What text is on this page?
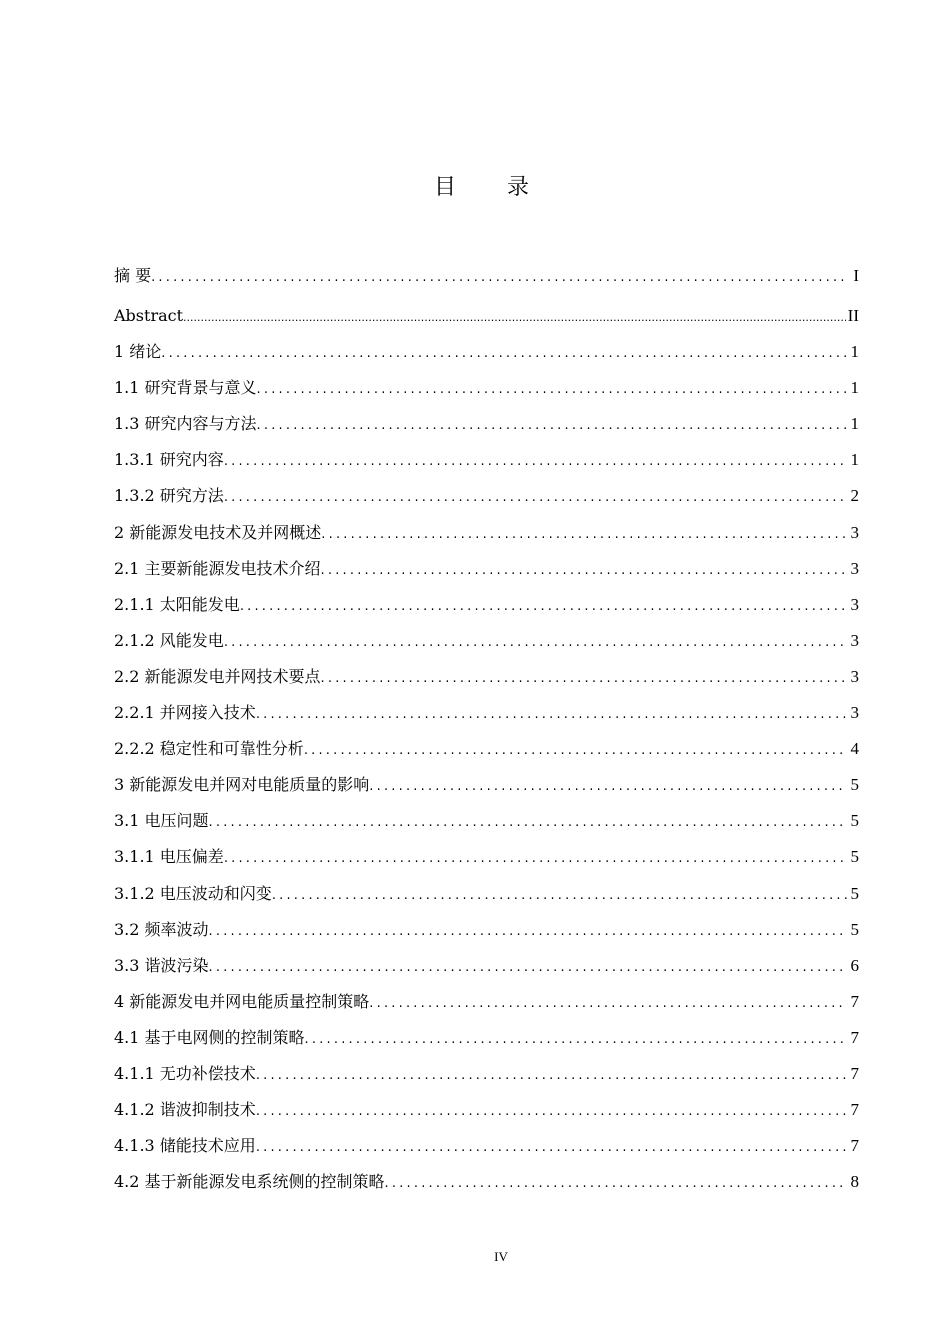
目 录
摘 要 .....	I
Abstract .....	II
1 绪论 .....	1
1.1 研究背景与意义 .....	1
1.3 研究内容与方法 .....	1
1.3.1 研究内容 .....	1
1.3.2 研究方法 .....	2
2 新能源发电技术及并网概述 .....	3
2.1 主要新能源发电技术介绍 .....	3
2.1.1 太阳能发电 .....	3
2.1.2 风能发电 .....	3
2.2 新能源发电并网技术要点 .....	3
2.2.1 并网接入技术 .....	3
2.2.2 稳定性和可靠性分析 .....	4
3 新能源发电并网对电能质量的影响 .....	5
3.1 电压问题 .....	5
3.1.1 电压偏差 .....	5
3.1.2 电压波动和闪变 .....	5
3.2 频率波动 .....	5
3.3 谐波污染 .....	6
4 新能源发电并网电能质量控制策略 .....	7
4.1 基于电网侧的控制策略 .....	7
4.1.1 无功补偿技术 .....	7
4.1.2 谐波抑制技术 .....	7
4.1.3 储能技术应用 .....	7
4.2 基于新能源发电系统侧的控制策略 .....	8
IV
